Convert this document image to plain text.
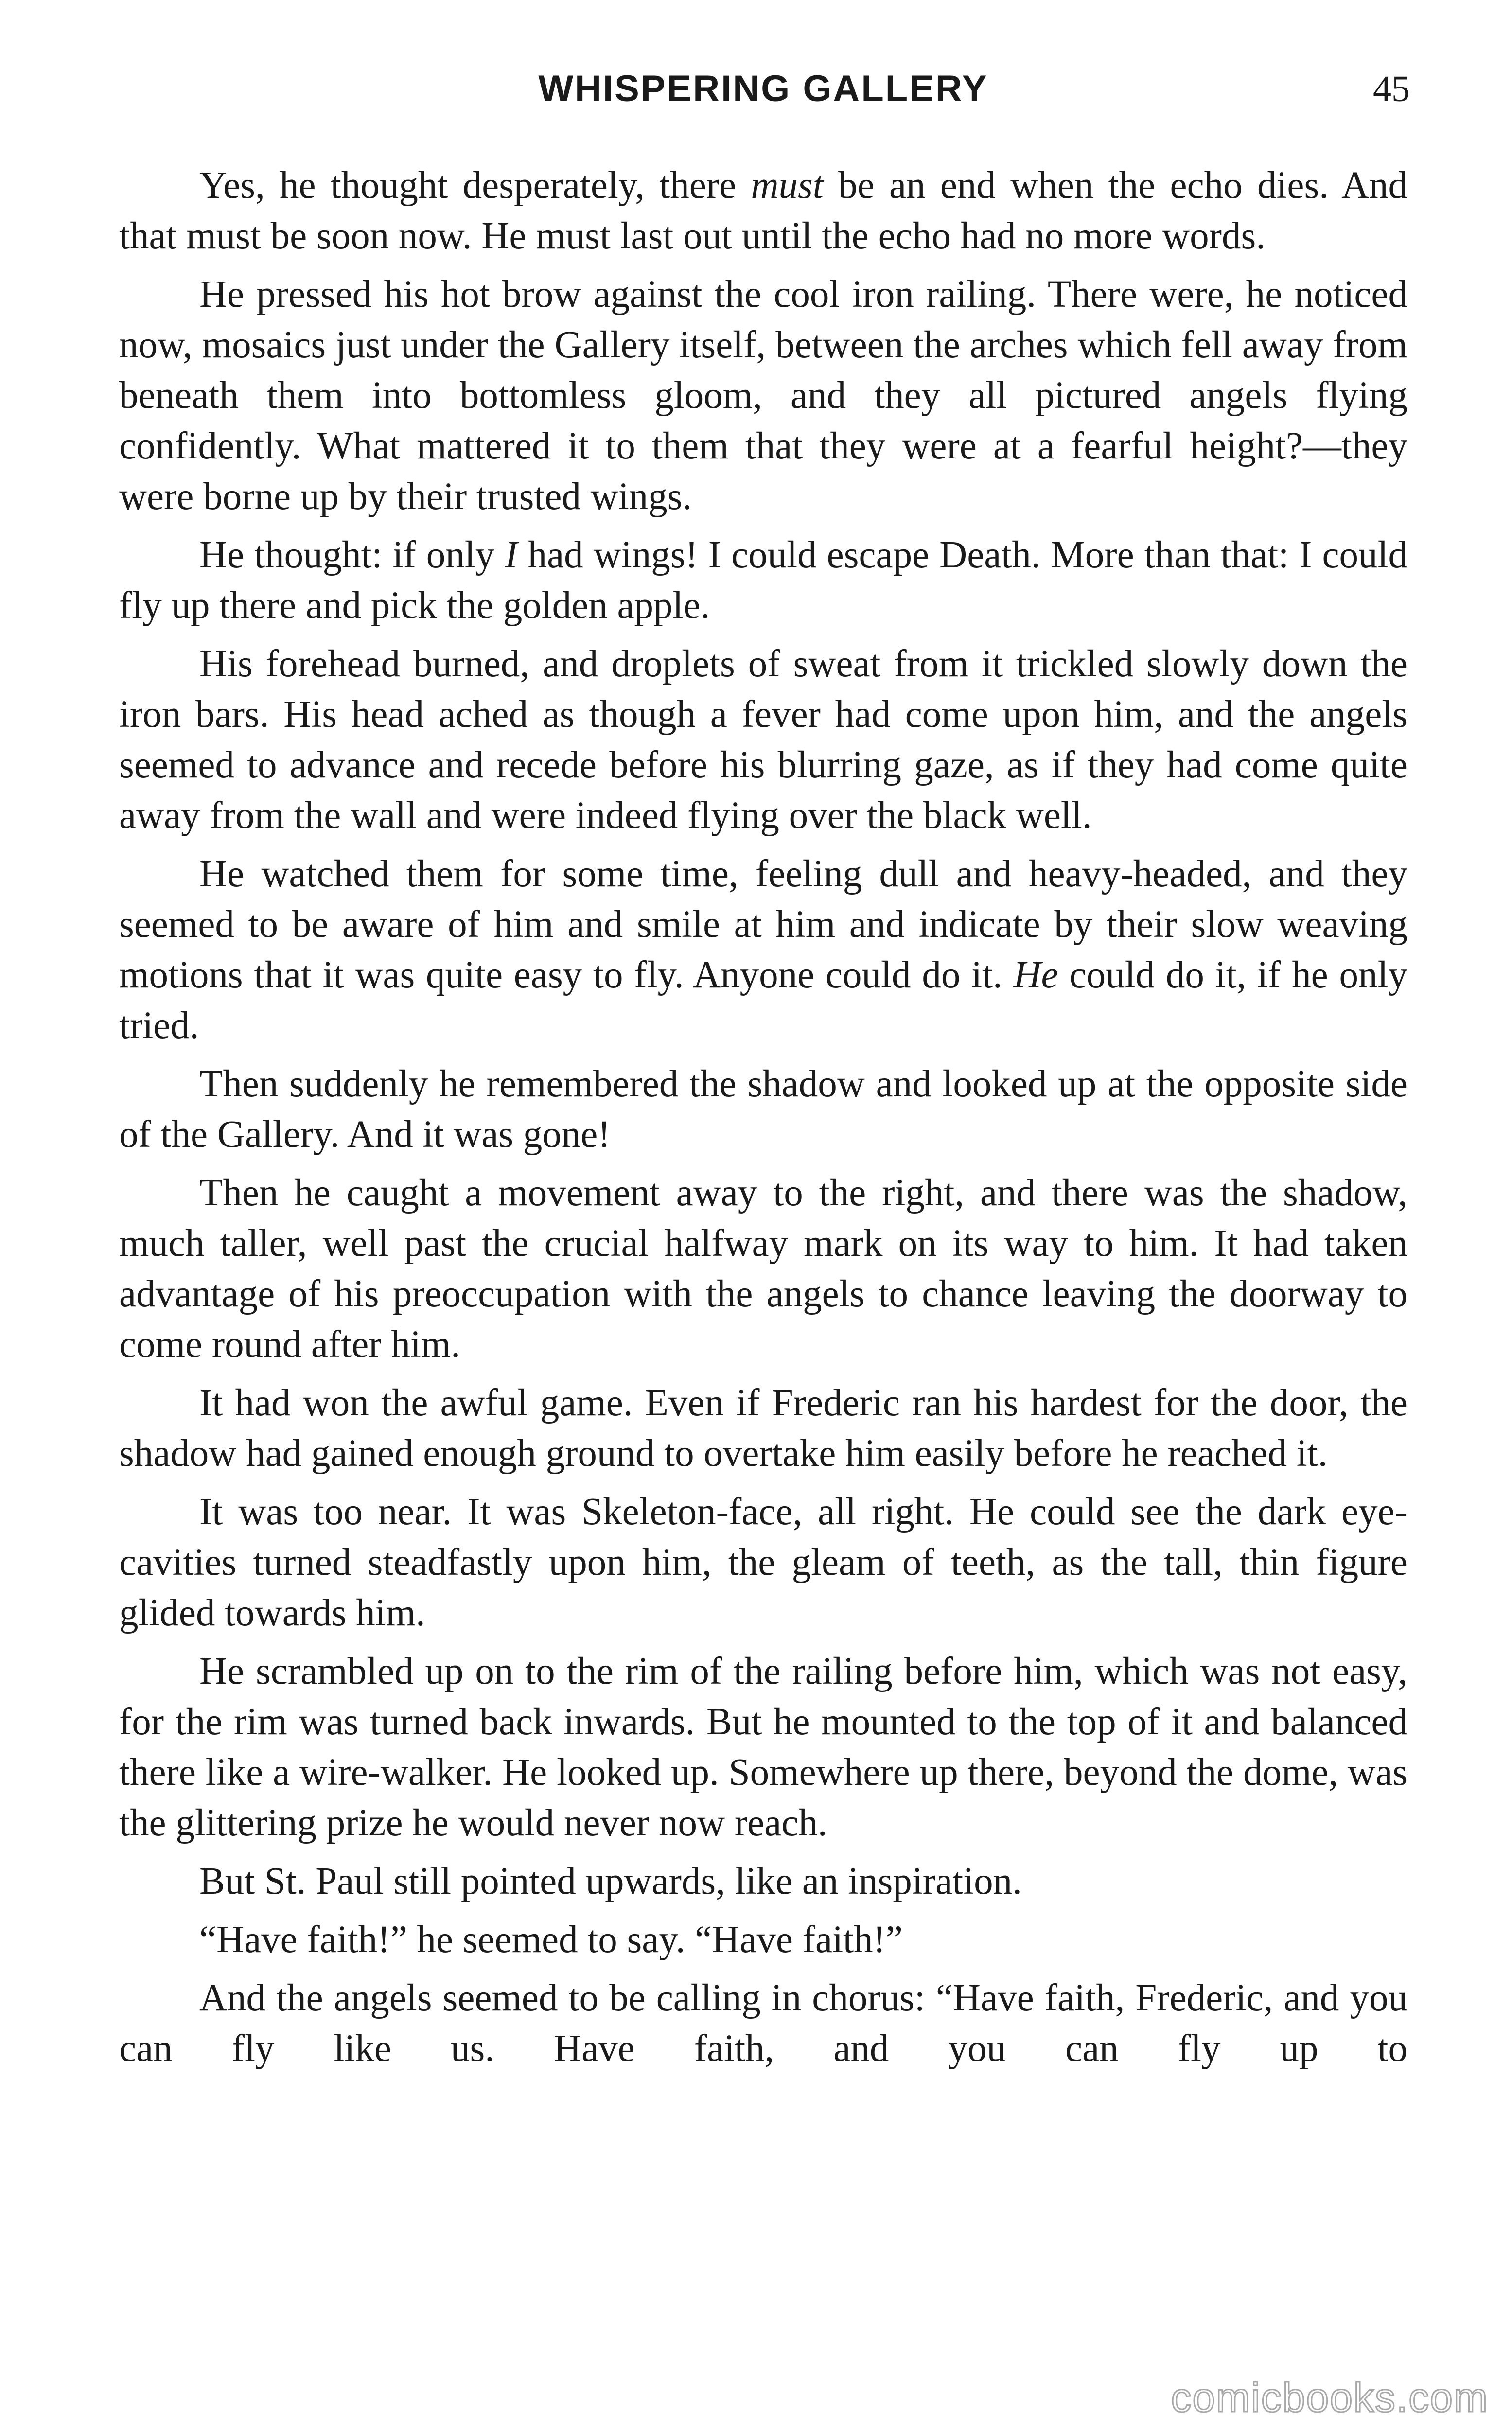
WHISPERING GALLERY	45

Yes, he thought desperately, there must be an end when the echo dies. And that must be soon now. He must last out until the echo had no more words.

He pressed his hot brow against the cool iron railing. There were, he noticed now, mosaics just under the Gallery itself, between the arches which fell away from beneath them into bottomless gloom, and they all pictured angels flying confidently. What mattered it to them that they were at a fearful height?—they were borne up by their trusted wings.

He thought: if only I had wings! I could escape Death. More than that: I could fly up there and pick the golden apple.

His forehead burned, and droplets of sweat from it trickled slowly down the iron bars. His head ached as though a fever had come upon him, and the angels seemed to advance and recede before his blurring gaze, as if they had come quite away from the wall and were indeed flying over the black well.

He watched them for some time, feeling dull and heavy-headed, and they seemed to be aware of him and smile at him and indicate by their slow weaving motions that it was quite easy to fly. Anyone could do it. He could do it, if he only tried.

Then suddenly he remembered the shadow and looked up at the opposite side of the Gallery. And it was gone!

Then he caught a movement away to the right, and there was the shadow, much taller, well past the crucial halfway mark on its way to him. It had taken advantage of his preoccupation with the angels to chance leaving the doorway to come round after him.

It had won the awful game. Even if Frederic ran his hardest for the door, the shadow had gained enough ground to overtake him easily before he reached it.

It was too near. It was Skeleton-face, all right. He could see the dark eye-cavities turned steadfastly upon him, the gleam of teeth, as the tall, thin figure glided towards him.

He scrambled up on to the rim of the railing before him, which was not easy, for the rim was turned back inwards. But he mounted to the top of it and balanced there like a wire-walker. He looked up. Somewhere up there, beyond the dome, was the glittering prize he would never now reach.

But St. Paul still pointed upwards, like an inspiration.

“Have faith!” he seemed to say. “Have faith!”

And the angels seemed to be calling in chorus: “Have faith, Frederic, and you can fly like us. Have faith, and you can fly up to

comicbooks.com
